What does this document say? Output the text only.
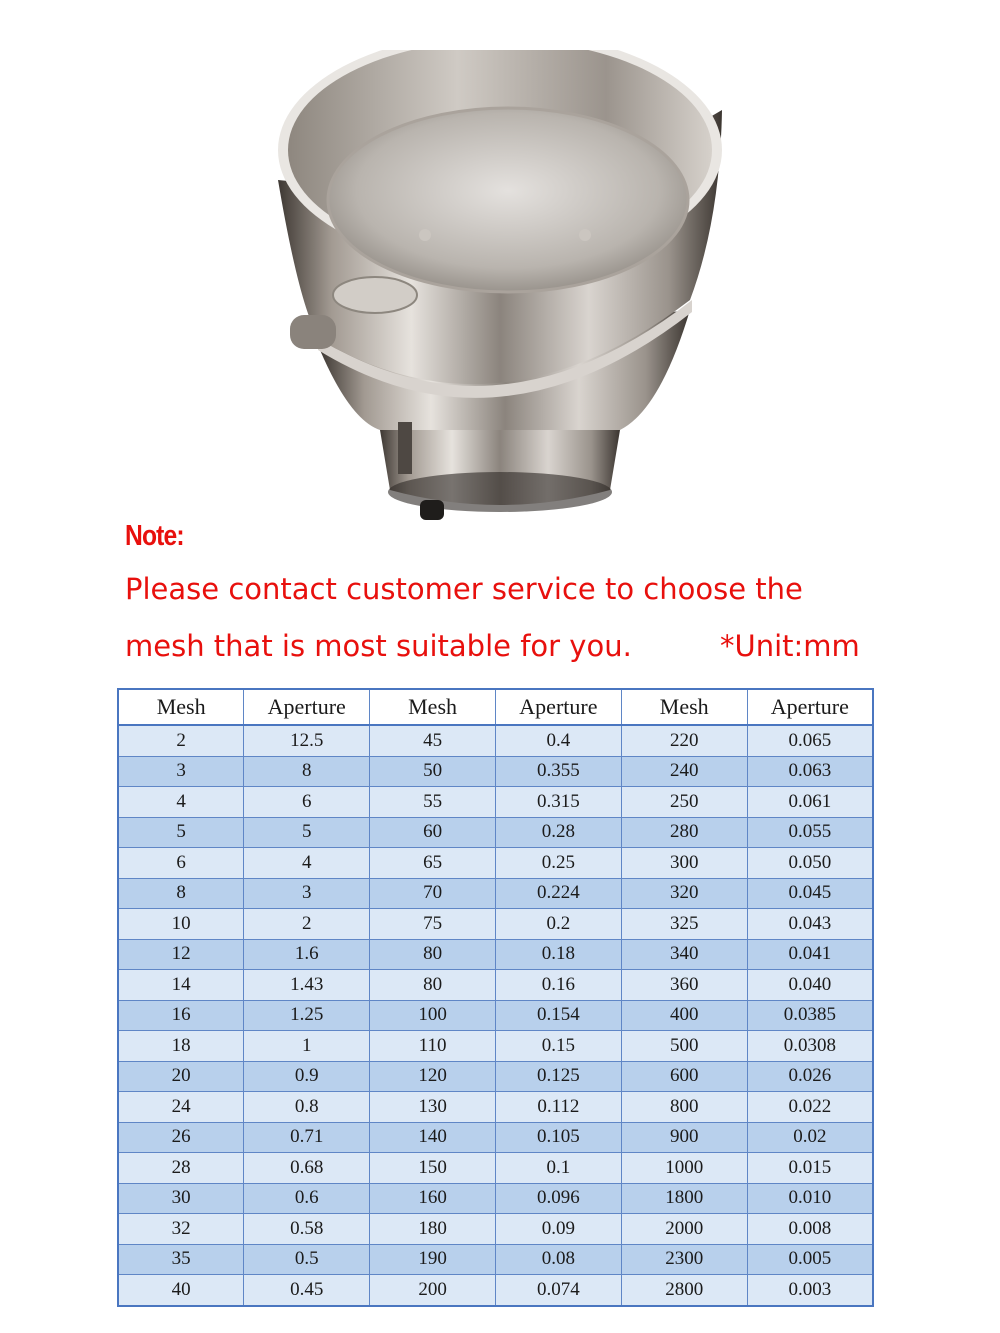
Note:

Please contact customer service to choose the

mesh that is most suitable for you.	*Unit:mm

Mesh	Aperture	Mesh	Aperture	Mesh	Aperture
2	12.5	45	0.4	220	0.065
3	8	50	0.355	240	0.063
4	6	55	0.315	250	0.061
5	5	60	0.28	280	0.055
6	4	65	0.25	300	0.050
8	3	70	0.224	320	0.045
10	2	75	0.2	325	0.043
12	1.6	80	0.18	340	0.041
14	1.43	80	0.16	360	0.040
16	1.25	100	0.154	400	0.0385
18	1	110	0.15	500	0.0308
20	0.9	120	0.125	600	0.026
24	0.8	130	0.112	800	0.022
26	0.71	140	0.105	900	0.02
28	0.68	150	0.1	1000	0.015
30	0.6	160	0.096	1800	0.010
32	0.58	180	0.09	2000	0.008
35	0.5	190	0.08	2300	0.005
40	0.45	200	0.074	2800	0.003
